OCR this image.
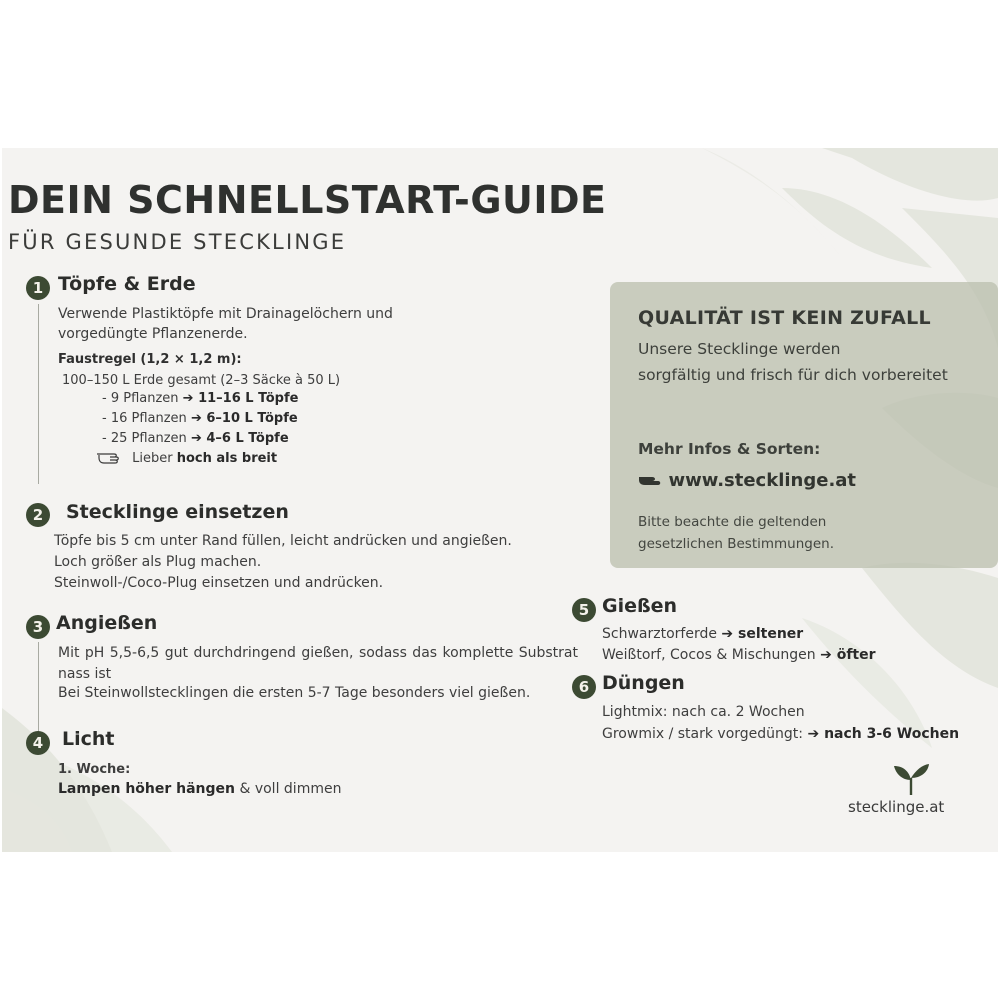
DEIN SCHNELLSTART-GUIDE
FÜR GESUNDE STECKLINGE
1 Töpfe & Erde
Verwende Plastiktöpfe mit Drainagelöchern und
vorgedüngte Pflanzenerde.
Faustregel (1,2 × 1,2 m):
100–150 L Erde gesamt (2–3 Säcke à 50 L)
- 9 Pflanzen ➔ 11–16 L Töpfe
- 16 Pflanzen ➔ 6–10 L Töpfe
- 25 Pflanzen ➔ 4–6 L Töpfe
Lieber hoch als breit
2	Stecklinge einsetzen
Töpfe bis 5 cm unter Rand füllen, leicht andrücken und angießen.
Loch größer als Plug machen.
Steinwoll-/Coco-Plug einsetzen und andrücken.
3 Angießen
Mit pH 5,5-6,5 gut durchdringend gießen, sodass das komplette Substrat nass ist
Bei Steinwollstecklingen die ersten 5-7 Tage besonders viel gießen.
4 Licht
1. Woche:
Lampen höher hängen & voll dimmen
QUALITÄT IST KEIN ZUFALL
Unsere Stecklinge werden
sorgfältig und frisch für dich vorbereitet
Mehr Infos & Sorten:
www.stecklinge.at
Bitte beachte die geltenden
gesetzlichen Bestimmungen.
5 Gießen
Schwarztorferde ➔ seltener
Weißtorf, Cocos & Mischungen ➔ öfter
6 Düngen
Lightmix: nach ca. 2 Wochen
Growmix / stark vorgedüngt: ➔ nach 3-6 Wochen
stecklinge.at
